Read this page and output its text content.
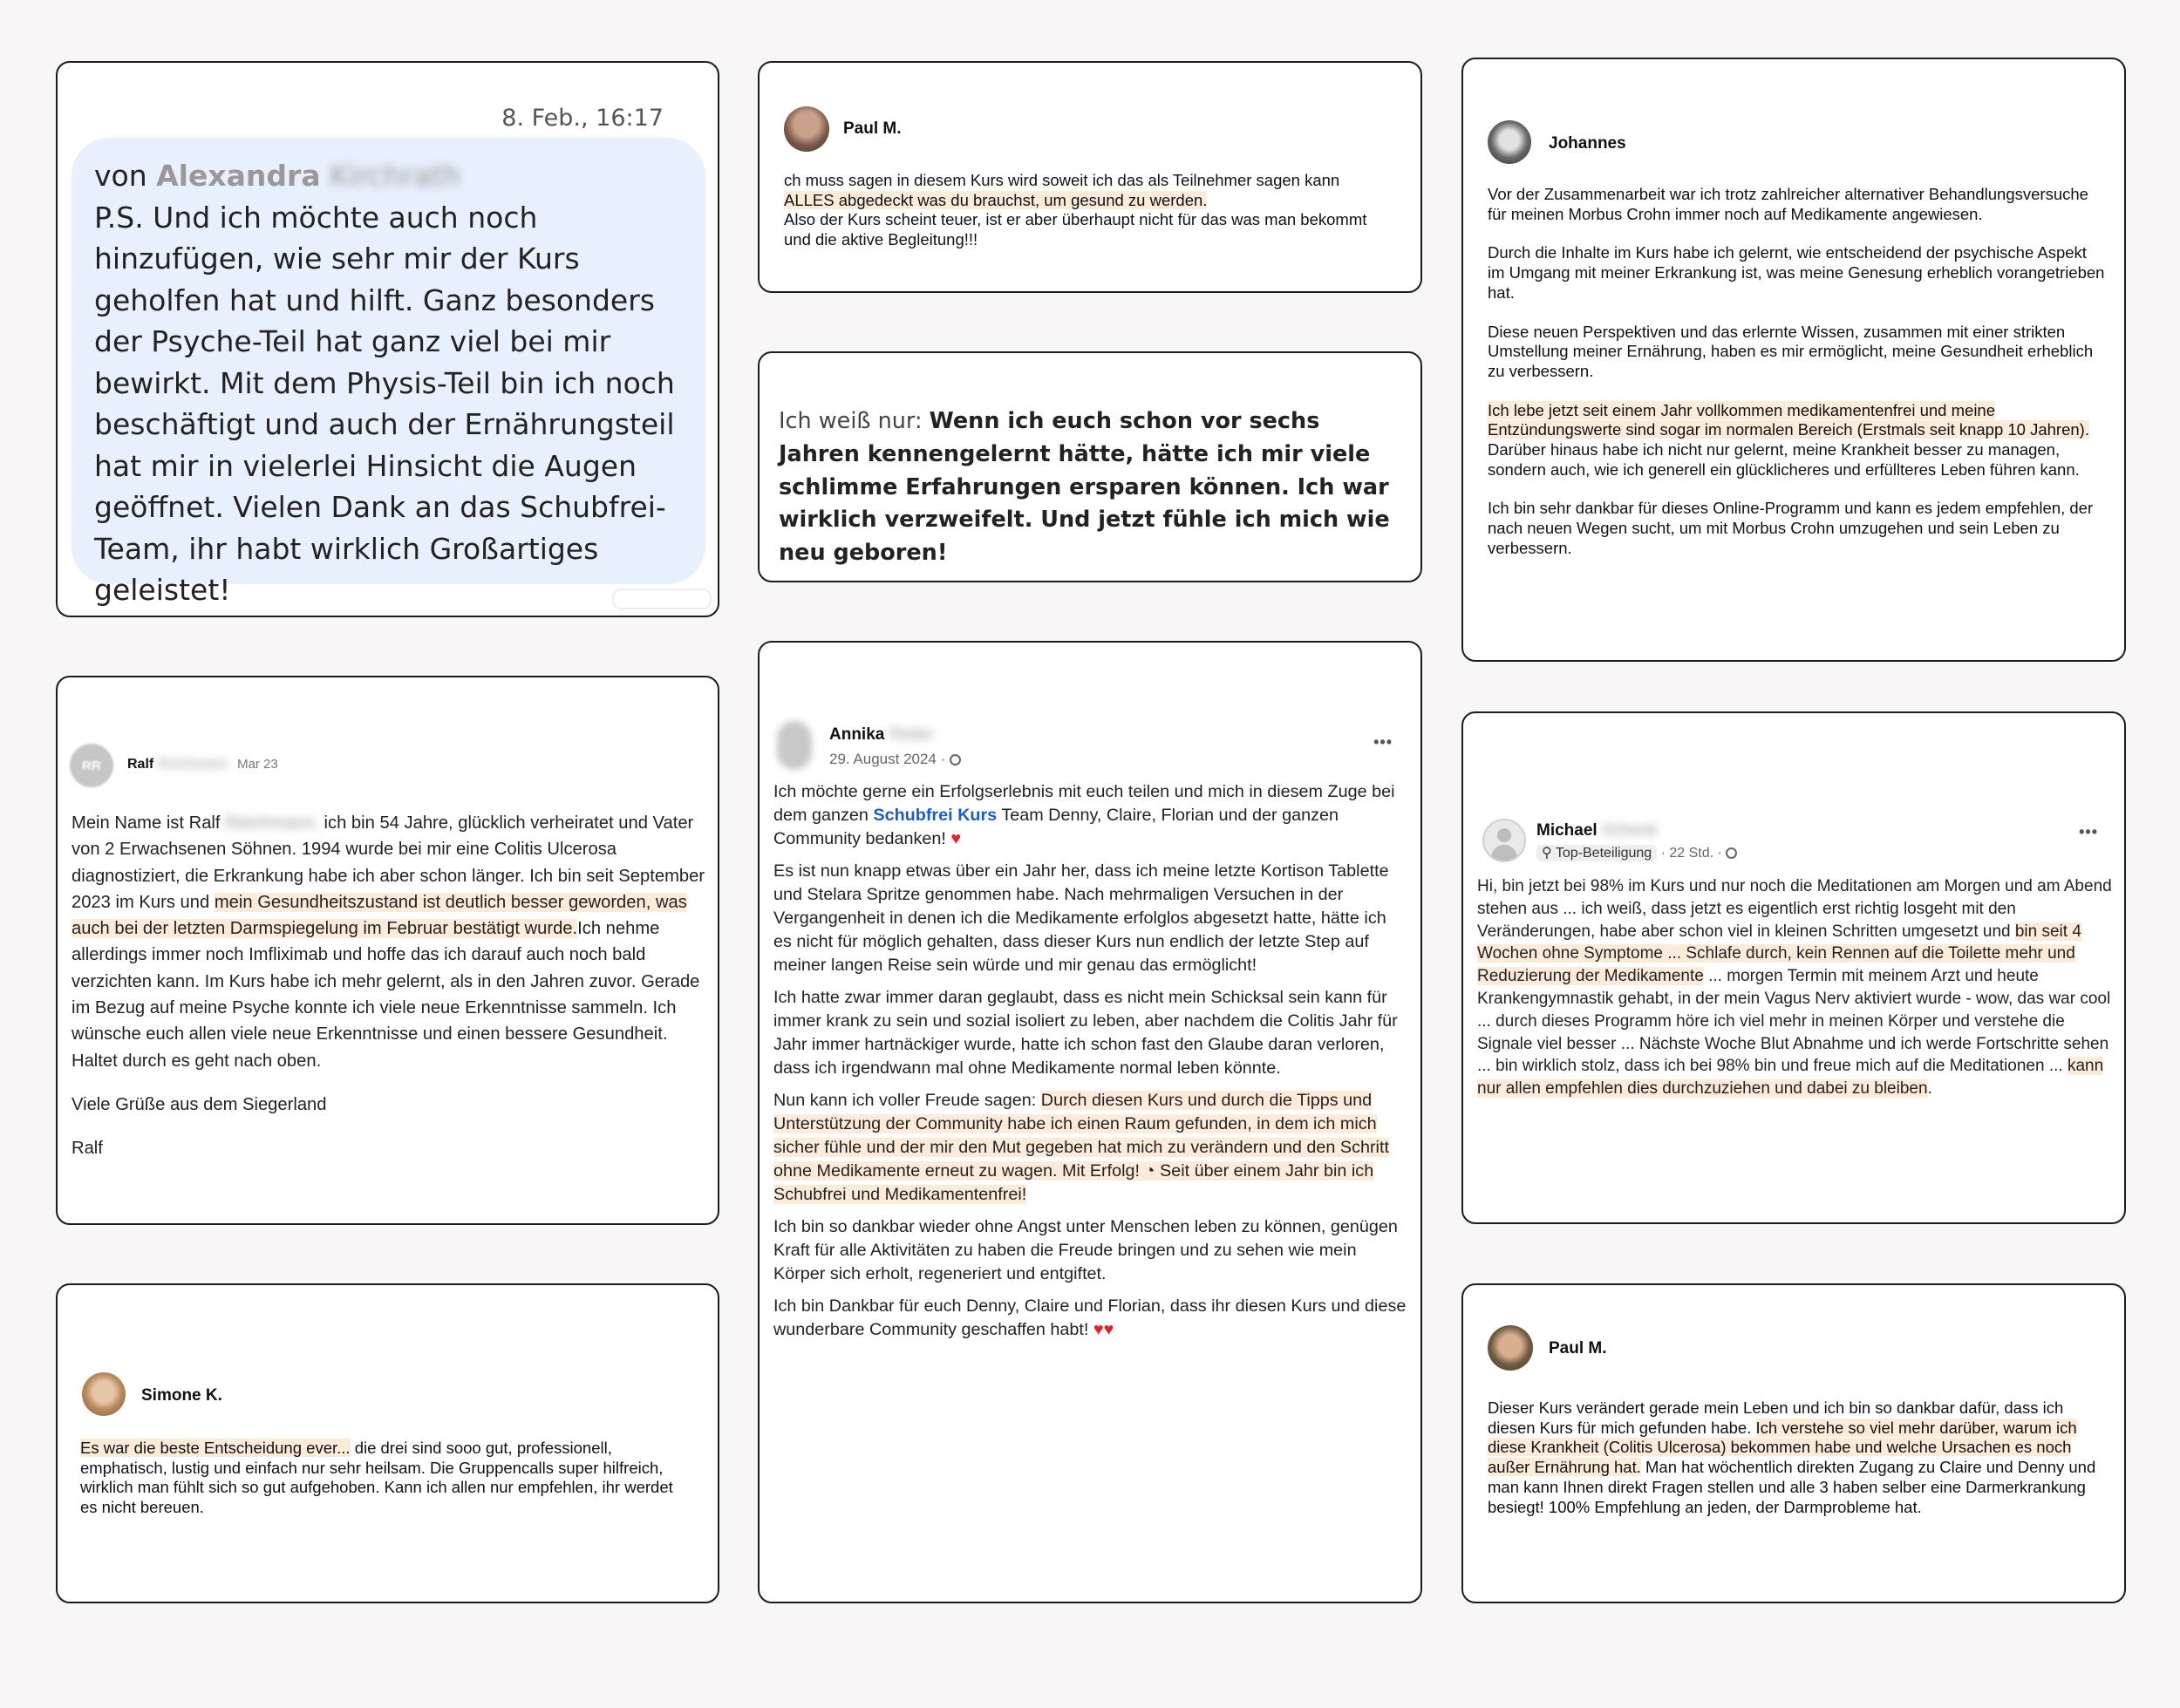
8. Feb., 16:17
von Alexandra Kirchrath
P.S. Und ich möchte auch noch hinzufügen, wie sehr mir der Kurs geholfen hat und hilft. Ganz besonders der Psyche-Teil hat ganz viel bei mir bewirkt. Mit dem Physis-Teil bin ich noch beschäftigt und auch der Ernährungsteil hat mir in vielerlei Hinsicht die Augen geöffnet. Vielen Dank an das Schubfrei-Team, ihr habt wirklich Großartiges geleistet!
Paul M.

ch muss sagen in diesem Kurs wird soweit ich das als Teilnehmer sagen kann

ALLES abgedeckt was du brauchst, um gesund zu werden.

Also der Kurs scheint teuer, ist er aber überhaupt nicht für das was man bekommt und die aktive Begleitung!!!

Ich weiß nur: Wenn ich euch schon vor sechs Jahren kennengelernt hätte, hätte ich mir viele schlimme Erfahrungen ersparen können. Ich war wirklich verzweifelt. Und jetzt fühle ich mich wie neu geboren!
Johannes

Vor der Zusammenarbeit war ich trotz zahlreicher alternativer Behandlungsversuche für meinen Morbus Crohn immer noch auf Medikamente angewiesen.

Durch die Inhalte im Kurs habe ich gelernt, wie entscheidend der psychische Aspekt im Umgang mit meiner Erkrankung ist, was meine Genesung erheblich vorangetrieben hat.

Diese neuen Perspektiven und das erlernte Wissen, zusammen mit einer strikten Umstellung meiner Ernährung, haben es mir ermöglicht, meine Gesundheit erheblich zu verbessern.

Ich lebe jetzt seit einem Jahr vollkommen medikamentenfrei und meine Entzündungswerte sind sogar im normalen Bereich (Erstmals seit knapp 10 Jahren). Darüber hinaus habe ich nicht nur gelernt, meine Krankheit besser zu managen, sondern auch, wie ich generell ein glücklicheres und erfüllteres Leben führen kann.

Ich bin sehr dankbar für dieses Online-Programm und kann es jedem empfehlen, der nach neuen Wegen sucht, um mit Morbus Crohn umzugehen und sein Leben zu verbessern.

RR Ralf Reichmann Mar 23

Mein Name ist Ralf Reichmann, ich bin 54 Jahre, glücklich verheiratet und Vater von 2 Erwachsenen Söhnen. 1994 wurde bei mir eine Colitis Ulcerosa diagnostiziert, die Erkrankung habe ich aber schon länger. Ich bin seit September 2023 im Kurs und mein Gesundheitszustand ist deutlich besser geworden, was auch bei der letzten Darmspiegelung im Februar bestätigt wurde.Ich nehme allerdings immer noch Imfliximab und hoffe das ich darauf auch noch bald verzichten kann. Im Kurs habe ich mehr gelernt, als in den Jahren zuvor. Gerade im Bezug auf meine Psyche konnte ich viele neue Erkenntnisse sammeln. Ich wünsche euch allen viele neue Erkenntnisse und einen bessere Gesundheit. Haltet durch es geht nach oben.

Viele Grüße aus dem Siegerland

Ralf

Annika Reiter
29. August 2024 ·
•••

Ich möchte gerne ein Erfolgserlebnis mit euch teilen und mich in diesem Zuge bei dem ganzen Schubfrei Kurs Team Denny, Claire, Florian und der ganzen Community bedanken! ♥

Es ist nun knapp etwas über ein Jahr her, dass ich meine letzte Kortison Tablette und Stelara Spritze genommen habe. Nach mehrmaligen Versuchen in der Vergangenheit in denen ich die Medikamente erfolglos abgesetzt hatte, hätte ich es nicht für möglich gehalten, dass dieser Kurs nun endlich der letzte Step auf meiner langen Reise sein würde und mir genau das ermöglicht!

Ich hatte zwar immer daran geglaubt, dass es nicht mein Schicksal sein kann für immer krank zu sein und sozial isoliert zu leben, aber nachdem die Colitis Jahr für Jahr immer hartnäckiger wurde, hatte ich schon fast den Glaube daran verloren, dass ich irgendwann mal ohne Medikamente normal leben könnte.

Nun kann ich voller Freude sagen: Durch diesen Kurs und durch die Tipps und Unterstützung der Community habe ich einen Raum gefunden, in dem ich mich sicher fühle und der mir den Mut gegeben hat mich zu verändern und den Schritt ohne Medikamente erneut zu wagen. Mit Erfolg! ◔ Seit über einem Jahr bin ich Schubfrei und Medikamentenfrei!

Ich bin so dankbar wieder ohne Angst unter Menschen leben zu können, genügen Kraft für alle Aktivitäten zu haben die Freude bringen und zu sehen wie mein Körper sich erholt, regeneriert und entgiftet.

Ich bin Dankbar für euch Denny, Claire und Florian, dass ihr diesen Kurs und diese wunderbare Community geschaffen habt! ♥♥

Michael Schenk
⚲ Top-Beteiligung · 22 Std. ·
•••
Hi, bin jetzt bei 98% im Kurs und nur noch die Meditationen am Morgen und am Abend stehen aus ... ich weiß, dass jetzt es eigentlich erst richtig losgeht mit den Veränderungen, habe aber schon viel in kleinen Schritten umgesetzt und bin seit 4 Wochen ohne Symptome ... Schlafe durch, kein Rennen auf die Toilette mehr und Reduzierung der Medikamente ... morgen Termin mit meinem Arzt und heute Krankengymnastik gehabt, in der mein Vagus Nerv aktiviert wurde - wow, das war cool ... durch dieses Programm höre ich viel mehr in meinen Körper und verstehe die Signale viel besser ... Nächste Woche Blut Abnahme und ich werde Fortschritte sehen ... bin wirklich stolz, dass ich bei 98% bin und freue mich auf die Meditationen ... kann nur allen empfehlen dies durchzuziehen und dabei zu bleiben.
Simone K.
Es war die beste Entscheidung ever... die drei sind sooo gut, professionell, emphatisch, lustig und einfach nur sehr heilsam. Die Gruppencalls super hilfreich, wirklich man fühlt sich so gut aufgehoben. Kann ich allen nur empfehlen, ihr werdet es nicht bereuen.
Paul M.
Dieser Kurs verändert gerade mein Leben und ich bin so dankbar dafür, dass ich diesen Kurs für mich gefunden habe. Ich verstehe so viel mehr darüber, warum ich diese Krankheit (Colitis Ulcerosa) bekommen habe und welche Ursachen es noch außer Ernährung hat. Man hat wöchentlich direkten Zugang zu Claire und Denny und man kann Ihnen direkt Fragen stellen und alle 3 haben selber eine Darmerkrankung besiegt! 100% Empfehlung an jeden, der Darmprobleme hat.
